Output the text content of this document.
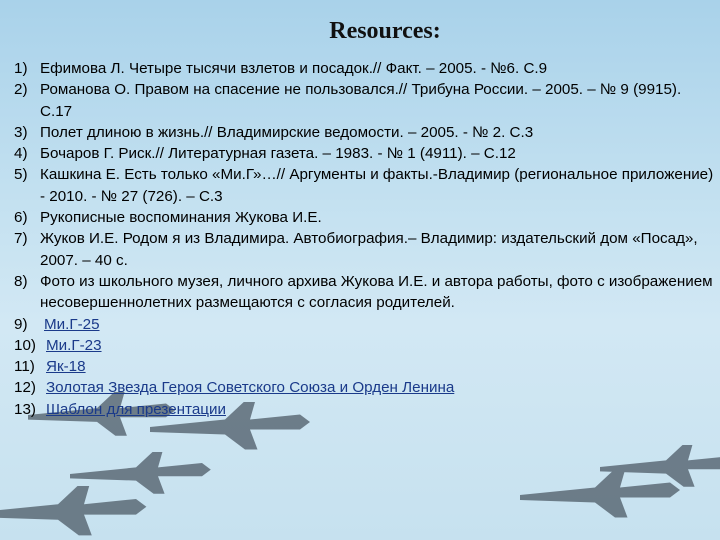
Resources:
1) Ефимова Л. Четыре тысячи взлетов и посадок.// Факт. – 2005. - №6. С.9
2) Романова О. Правом на спасение не пользовался.// Трибуна России. – 2005. – № 9 (9915). С.17
3) Полет длиною в жизнь.// Владимирские ведомости. – 2005. - № 2. С.3
4) Бочаров Г. Риск.// Литературная газета. – 1983. - № 1 (4911). – С.12
5) Кашкина Е. Есть только «Ми.Г»…// Аргументы и факты.-Владимир (региональное приложение) - 2010. - № 27 (726). – С.3
6) Рукописные воспоминания Жукова И.Е.
7) Жуков И.Е. Родом я из Владимира. Автобиография.– Владимир: издательский дом «Посад», 2007. – 40 с.
8) Фото из школьного музея, личного архива Жукова И.Е. и автора работы, фото с изображением несовершеннолетних размещаются с согласия родителей.
9)	Ми.Г-25
10) Ми.Г-23
11) Як-18
12) Золотая Звезда Героя Советского Союза и Орден Ленина
13) Шаблон для презентации
